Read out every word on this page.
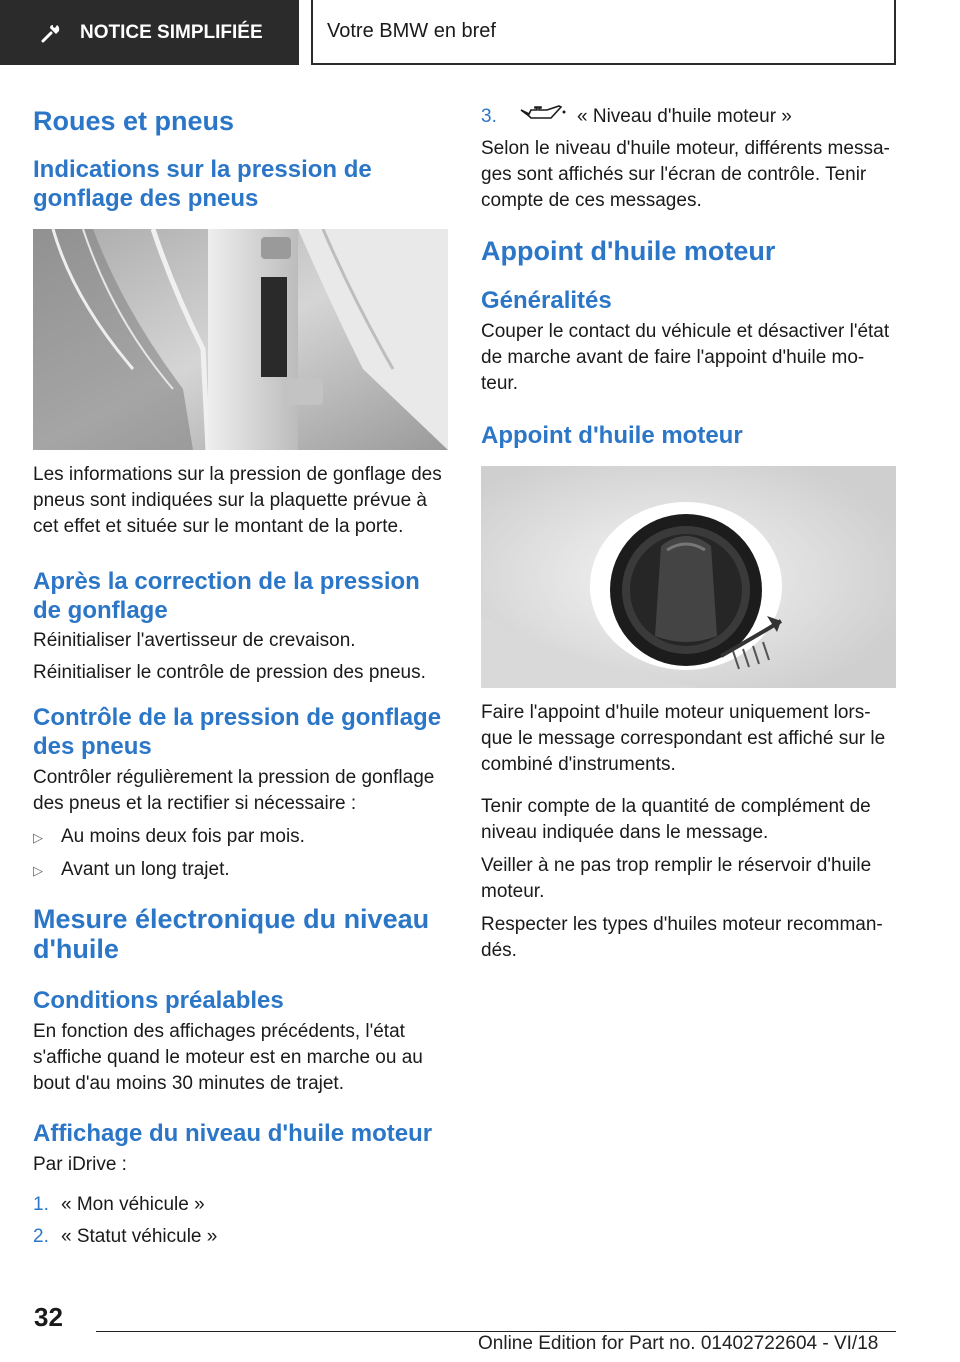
NOTICE SIMPLIFIÉE	Votre BMW en bref
Roues et pneus
Indications sur la pression de gonflage des pneus

Les informations sur la pression de gonflage des pneus sont indiquées sur la plaquette prévue à cet effet et située sur le montant de la porte.

Après la correction de la pression de gonflage

Réinitialiser l'avertisseur de crevaison.

Réinitialiser le contrôle de pression des pneus.

Contrôle de la pression de gonflage des pneus

Contrôler régulièrement la pression de gonflage des pneus et la rectifier si nécessaire :

▷ Au moins deux fois par mois.
▷ Avant un long trajet.
Mesure électronique du niveau d'huile
Conditions préalables

En fonction des affichages précédents, l'état s'affiche quand le moteur est en marche ou au bout d'au moins 30 minutes de trajet.

Affichage du niveau d'huile moteur

Par iDrive :

1. « Mon véhicule »
2. « Statut véhicule »
3.	« Niveau d'huile moteur »

Selon le niveau d'huile moteur, différents messa‐ges sont affichés sur l'écran de contrôle. Tenir compte de ces messages.

Appoint d'huile moteur
Généralités

Couper le contact du véhicule et désactiver l'état de marche avant de faire l'appoint d'huile mo‐teur.

Appoint d'huile moteur

Faire l'appoint d'huile moteur uniquement lors‐que le message correspondant est affiché sur le combiné d'instruments.

Tenir compte de la quantité de complément de niveau indiquée dans le message.

Veiller à ne pas trop remplir le réservoir d'huile moteur.

Respecter les types d'huiles moteur recomman‐dés.

32
Online Edition for Part no. 01402722604 - VI/18
